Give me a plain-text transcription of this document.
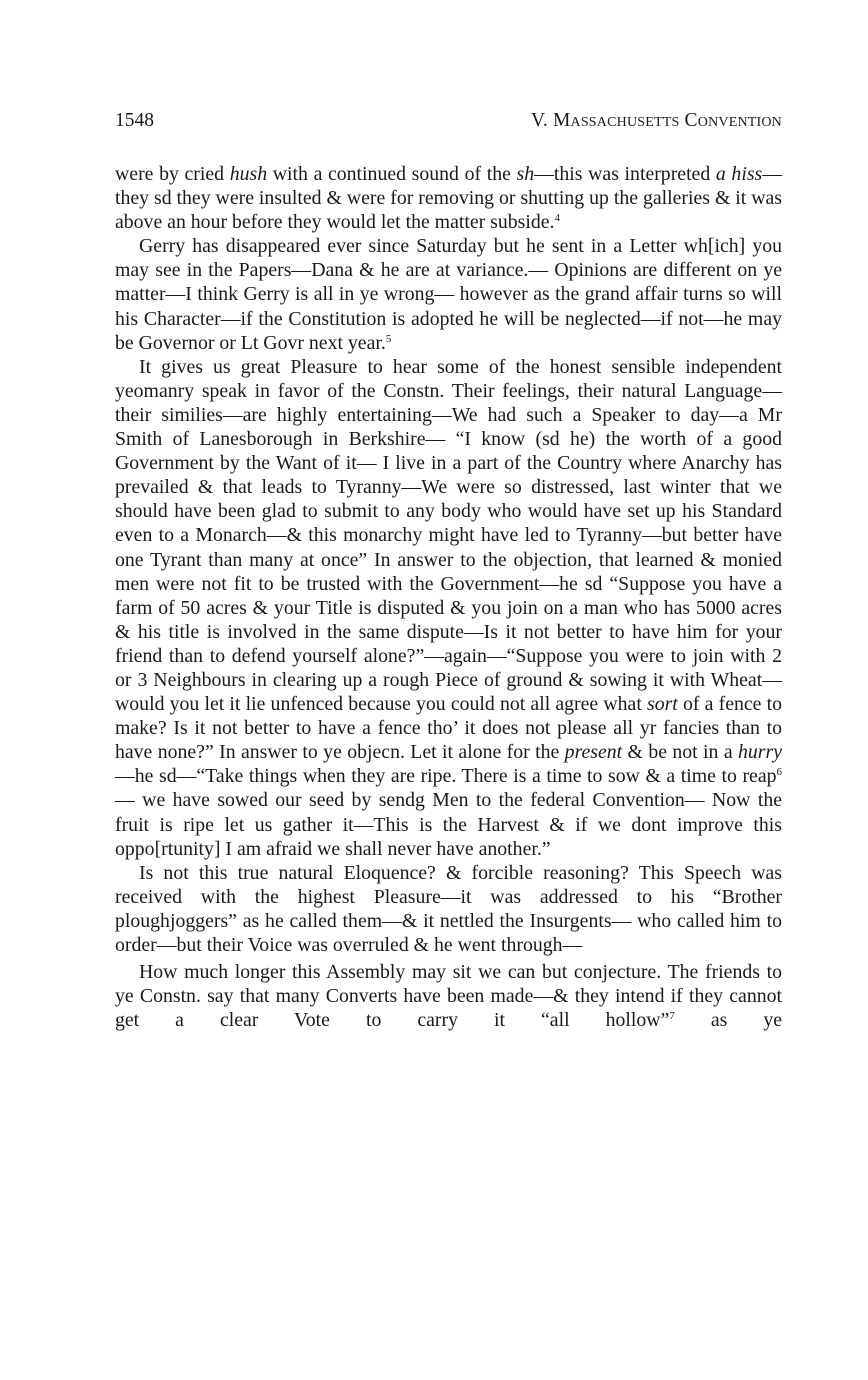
1548	V. Massachusetts Convention

were by cried hush with a continued sound of the sh—this was interpreted a hiss—they sd they were insulted & were for removing or shutting up the galleries & it was above an hour before they would let the matter subside.$^4$

Gerry has disappeared ever since Saturday but he sent in a Letter wh[ich] you may see in the Papers—Dana & he are at variance.— Opinions are different on ye matter—I think Gerry is all in ye wrong— however as the grand affair turns so will his Character—if the Constitution is adopted he will be neglected—if not—he may be Governor or Lt Govr next year.$^5$

It gives us great Pleasure to hear some of the honest sensible independent yeomanry speak in favor of the Constn. Their feelings, their natural Language—their similies—are highly entertaining—We had such a Speaker to day—a Mr Smith of Lanesborough in Berkshire— “I know (sd he) the worth of a good Government by the Want of it— I live in a part of the Country where Anarchy has prevailed & that leads to Tyranny—We were so distressed, last winter that we should have been glad to submit to any body who would have set up his Standard even to a Monarch—& this monarchy might have led to Tyranny—but better have one Tyrant than many at once” In answer to the objection, that learned & monied men were not fit to be trusted with the Government—he sd “Suppose you have a farm of 50 acres & your Title is disputed & you join on a man who has 5000 acres & his title is involved in the same dispute—Is it not better to have him for your friend than to defend yourself alone?”—again—“Suppose you were to join with 2 or 3 Neighbours in clearing up a rough Piece of ground & sowing it with Wheat—would you let it lie unfenced because you could not all agree what sort of a fence to make? Is it not better to have a fence tho’ it does not please all yr fancies than to have none?” In answer to ye objecn. Let it alone for the present & be not in a hurry—he sd—“Take things when they are ripe. There is a time to sow & a time to reap$^6$— we have sowed our seed by sendg Men to the federal Convention— Now the fruit is ripe let us gather it—This is the Harvest & if we dont improve this oppo[rtunity] I am afraid we shall never have another.”

Is not this true natural Eloquence? & forcible reasoning? This Speech was received with the highest Pleasure—it was addressed to his “Brother ploughjoggers” as he called them—& it nettled the Insurgents— who called him to order—but their Voice was overruled & he went through—

How much longer this Assembly may sit we can but conjecture. The friends to ye Constn. say that many Converts have been made—& they intend if they cannot get a clear Vote to carry it “all hollow”$^7$ as ye
